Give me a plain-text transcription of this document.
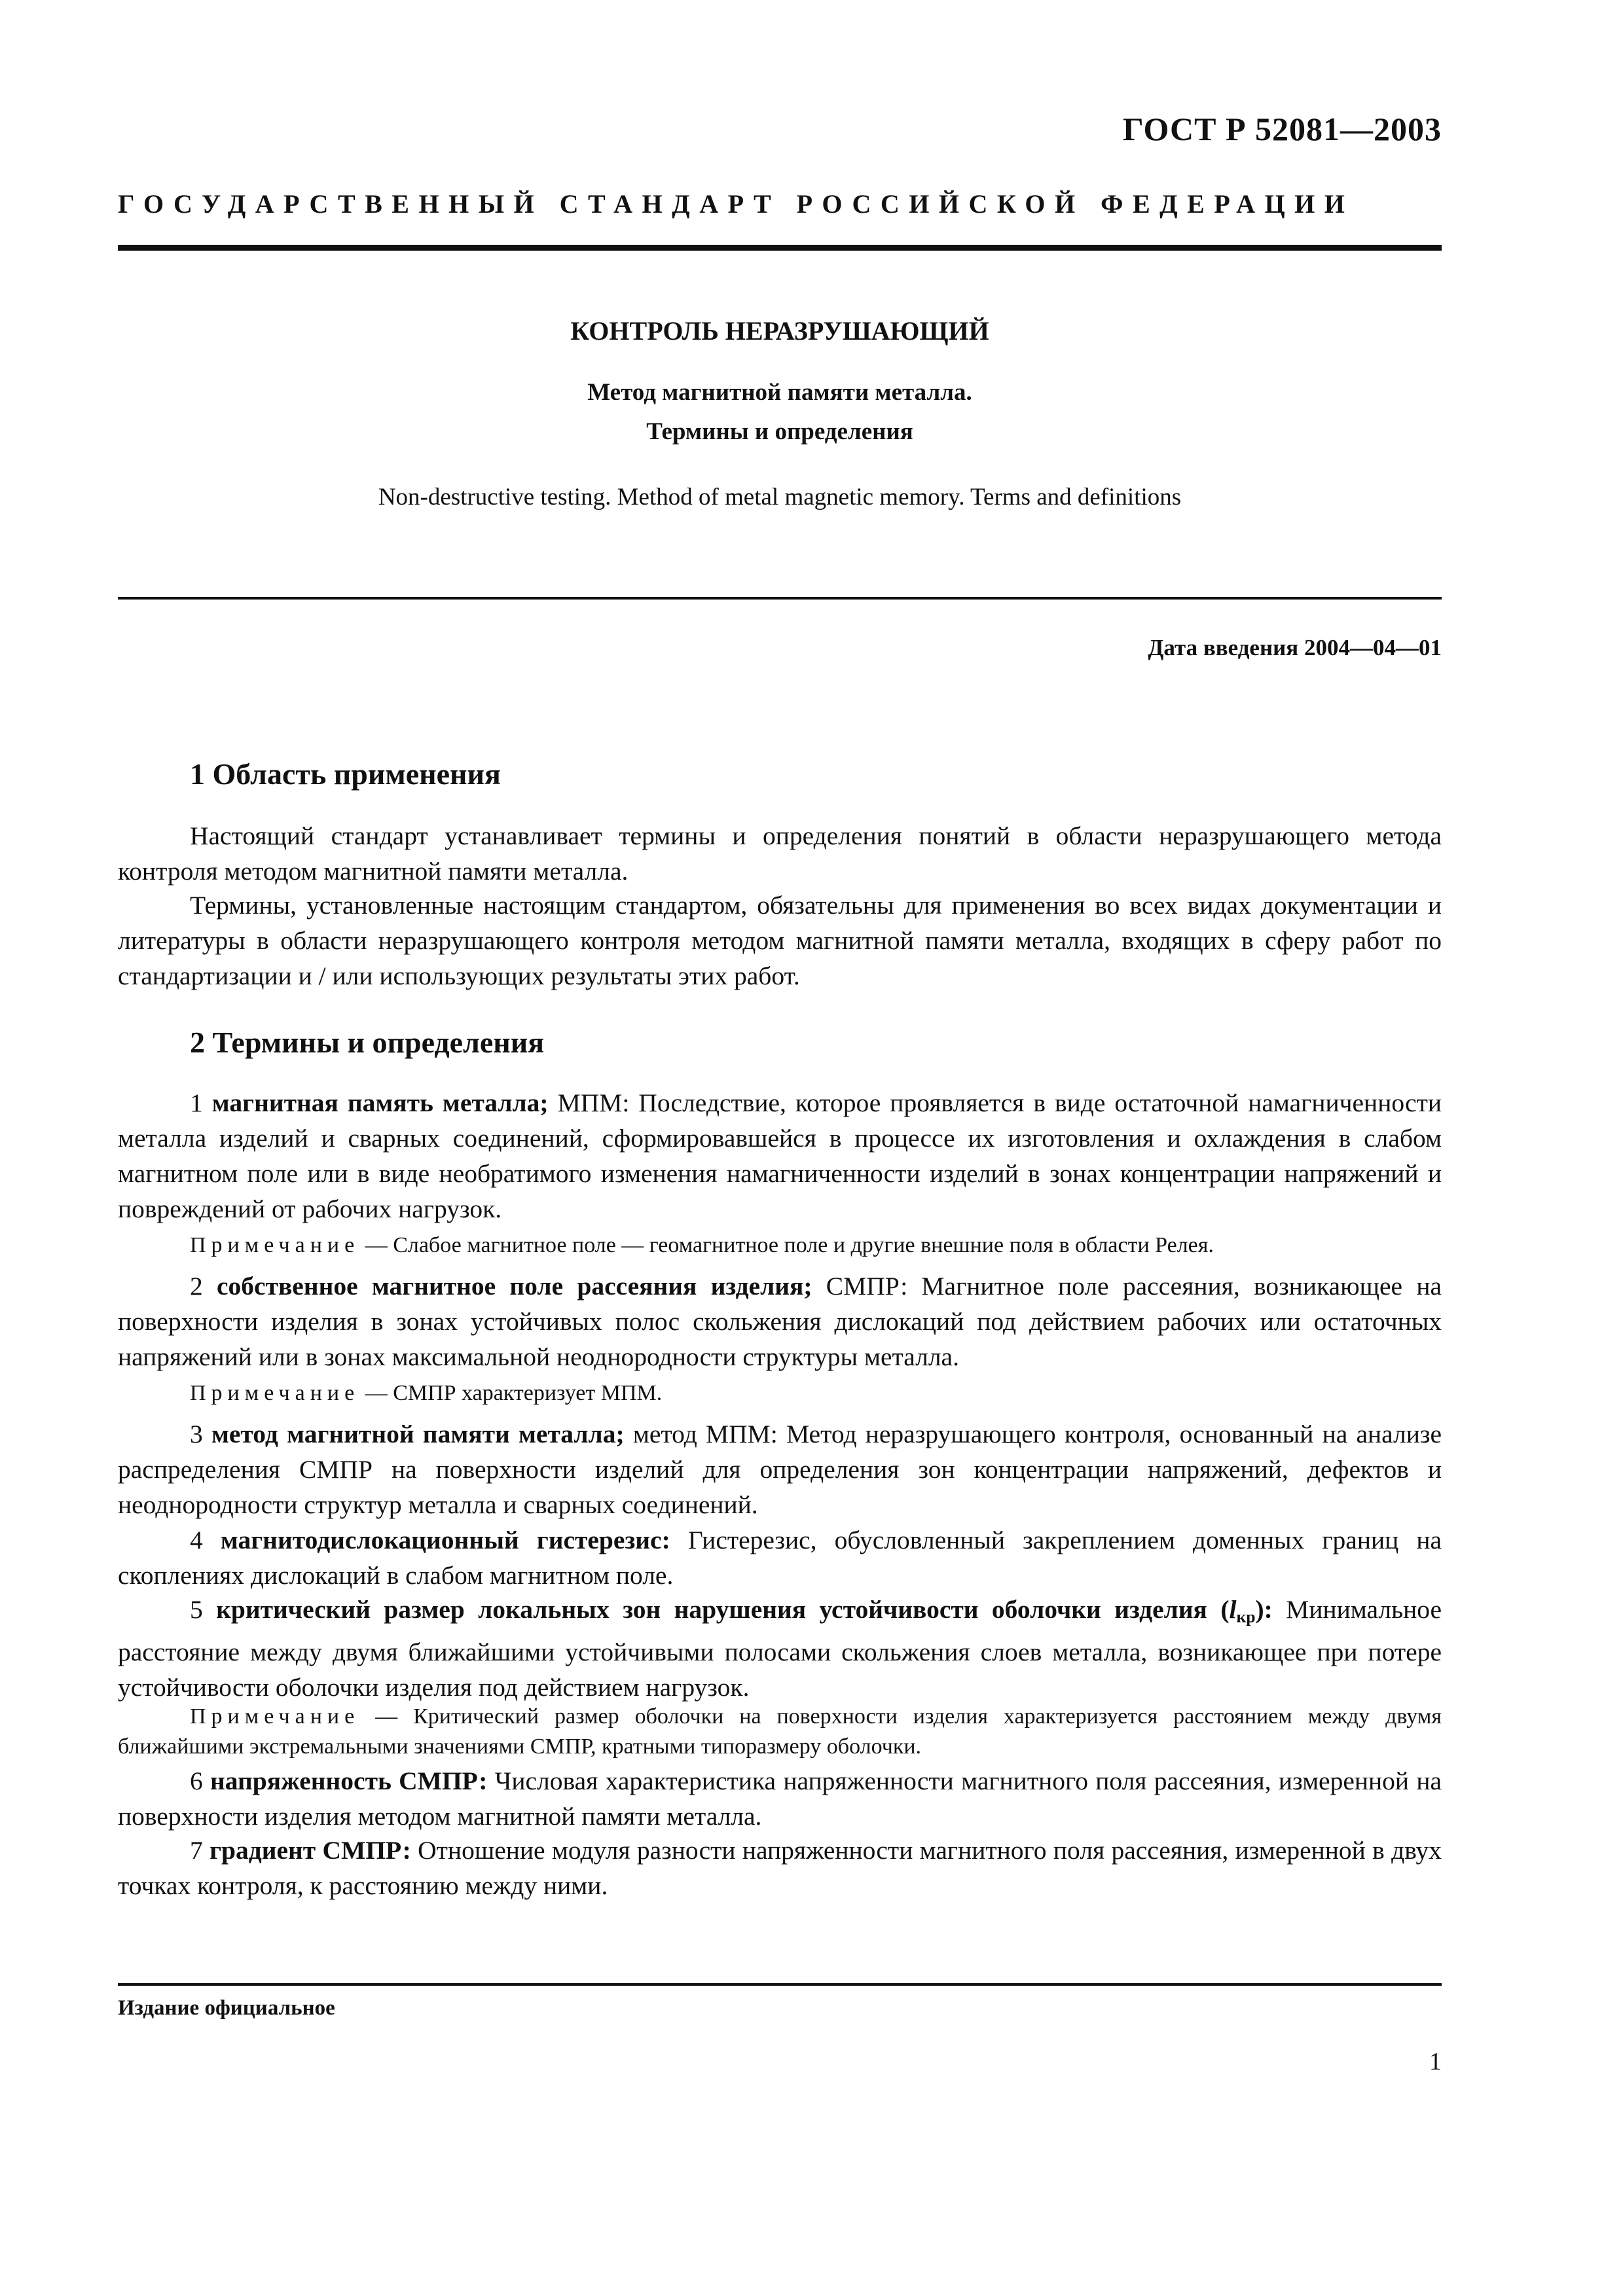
ГОСТ Р 52081—2003
ГОСУДАРСТВЕННЫЙ СТАНДАРТ РОССИЙСКОЙ ФЕДЕРАЦИИ
КОНТРОЛЬ НЕРАЗРУШАЮЩИЙ
Метод магнитной памяти металла.
Термины и определения
Non-destructive testing. Method of metal magnetic memory. Terms and definitions
Дата введения 2004—04—01
1 Область применения
Настоящий стандарт устанавливает термины и определения понятий в области неразрушающего метода контроля методом магнитной памяти металла.
Термины, установленные настоящим стандартом, обязательны для применения во всех видах документации и литературы в области неразрушающего контроля методом магнитной памяти металла, входящих в сферу работ по стандартизации и / или использующих результаты этих работ.
2 Термины и определения
1 магнитная память металла; МПМ: Последствие, которое проявляется в виде остаточной намагниченности металла изделий и сварных соединений, сформировавшейся в процессе их изготовления и охлаждения в слабом магнитном поле или в виде необратимого изменения намагниченности изделий в зонах концентрации напряжений и повреждений от рабочих нагрузок.
Примечание — Слабое магнитное поле — геомагнитное поле и другие внешние поля в области Релея.
2 собственное магнитное поле рассеяния изделия; СМПР: Магнитное поле рассеяния, возникающее на поверхности изделия в зонах устойчивых полос скольжения дислокаций под действием рабочих или остаточных напряжений или в зонах максимальной неоднородности структуры металла.
Примечание — СМПР характеризует МПМ.
3 метод магнитной памяти металла; метод МПМ: Метод неразрушающего контроля, основанный на анализе распределения СМПР на поверхности изделий для определения зон концентрации напряжений, дефектов и неоднородности структур металла и сварных соединений.
4 магнитодислокационный гистерезис: Гистерезис, обусловленный закреплением доменных границ на скоплениях дислокаций в слабом магнитном поле.
5 критический размер локальных зон нарушения устойчивости оболочки изделия $(l_{кр})$: Минимальное расстояние между двумя ближайшими устойчивыми полосами скольжения слоев металла, возникающее при потере устойчивости оболочки изделия под действием нагрузок.
Примечание — Критический размер оболочки на поверхности изделия характеризуется расстоянием между двумя ближайшими экстремальными значениями СМПР, кратными типоразмеру оболочки.
6 напряженность СМПР: Числовая характеристика напряженности магнитного поля рассеяния, измеренной на поверхности изделия методом магнитной памяти металла.
7 градиент СМПР: Отношение модуля разности напряженности магнитного поля рассеяния, измеренной в двух точках контроля, к расстоянию между ними.
Издание официальное
1
